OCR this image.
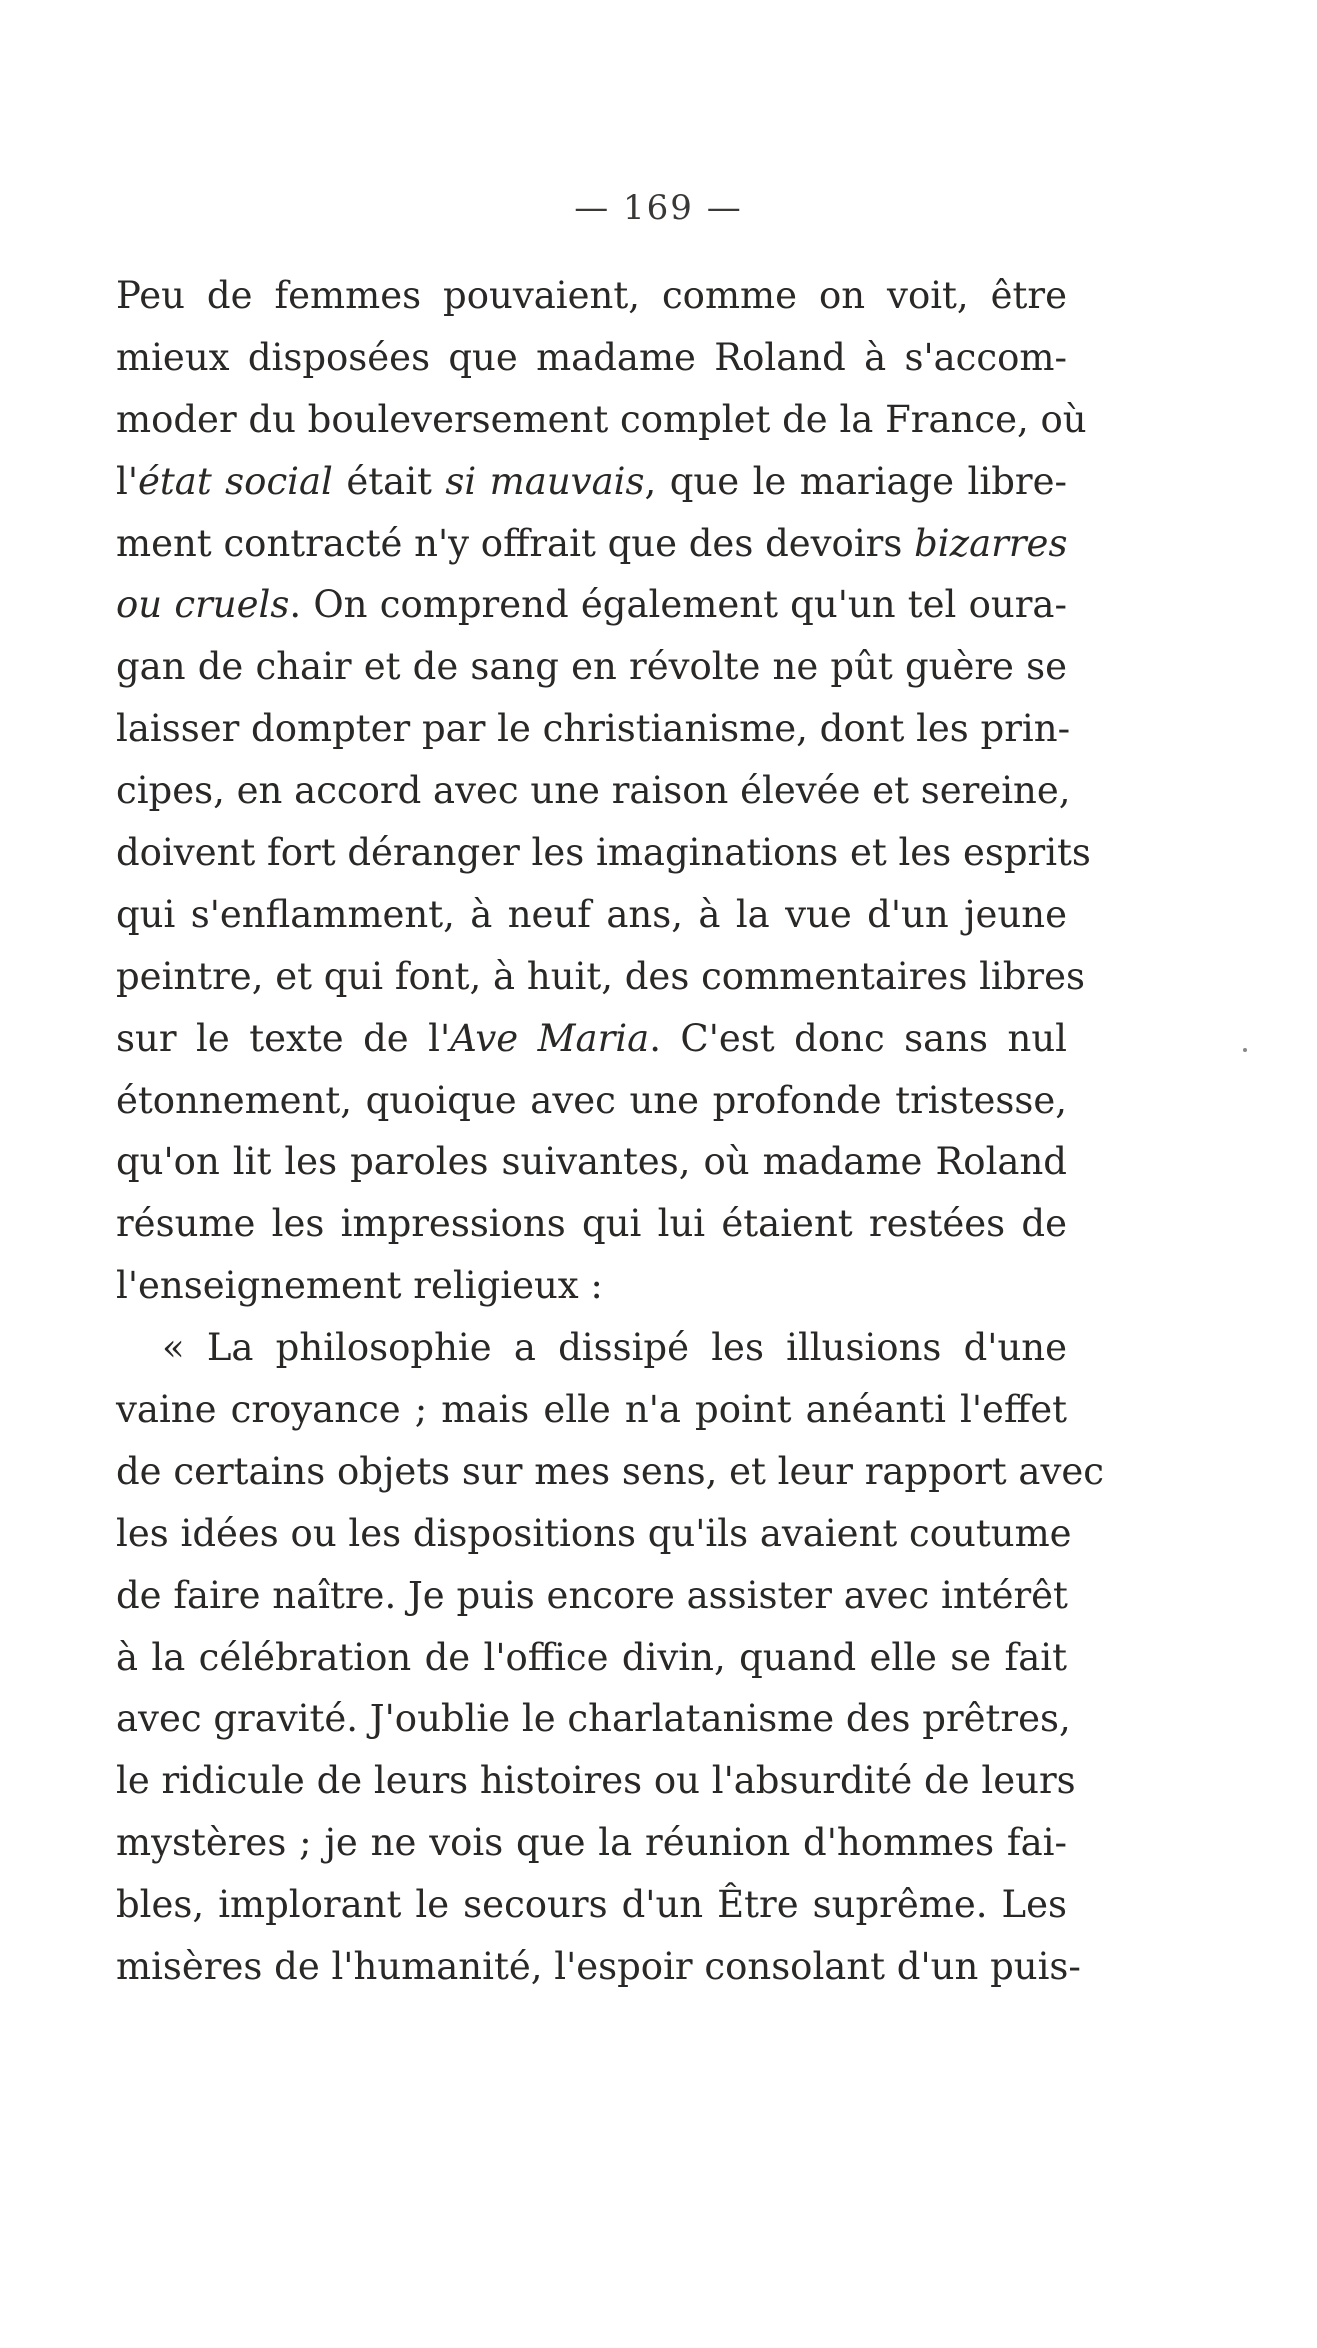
— 169 —
Peu de femmes pouvaient, comme on voit, être
mieux disposées que madame Roland à s'accom-
moder du bouleversement complet de la France, où
l'état social était si mauvais, que le mariage libre-
ment contracté n'y offrait que des devoirs bizarres
ou cruels. On comprend également qu'un tel oura-
gan de chair et de sang en révolte ne pût guère se
laisser dompter par le christianisme, dont les prin-
cipes, en accord avec une raison élevée et sereine,
doivent fort déranger les imaginations et les esprits
qui s'enflamment, à neuf ans, à la vue d'un jeune
peintre, et qui font, à huit, des commentaires libres
sur le texte de l'Ave Maria. C'est donc sans nul
étonnement, quoique avec une profonde tristesse,
qu'on lit les paroles suivantes, où madame Roland
résume les impressions qui lui étaient restées de
l'enseignement religieux :
« La philosophie a dissipé les illusions d'une
vaine croyance ; mais elle n'a point anéanti l'effet
de certains objets sur mes sens, et leur rapport avec
les idées ou les dispositions qu'ils avaient coutume
de faire naître. Je puis encore assister avec intérêt
à la célébration de l'office divin, quand elle se fait
avec gravité. J'oublie le charlatanisme des prêtres,
le ridicule de leurs histoires ou l'absurdité de leurs
mystères ; je ne vois que la réunion d'hommes fai-
bles, implorant le secours d'un Être suprême. Les
misères de l'humanité, l'espoir consolant d'un puis-
